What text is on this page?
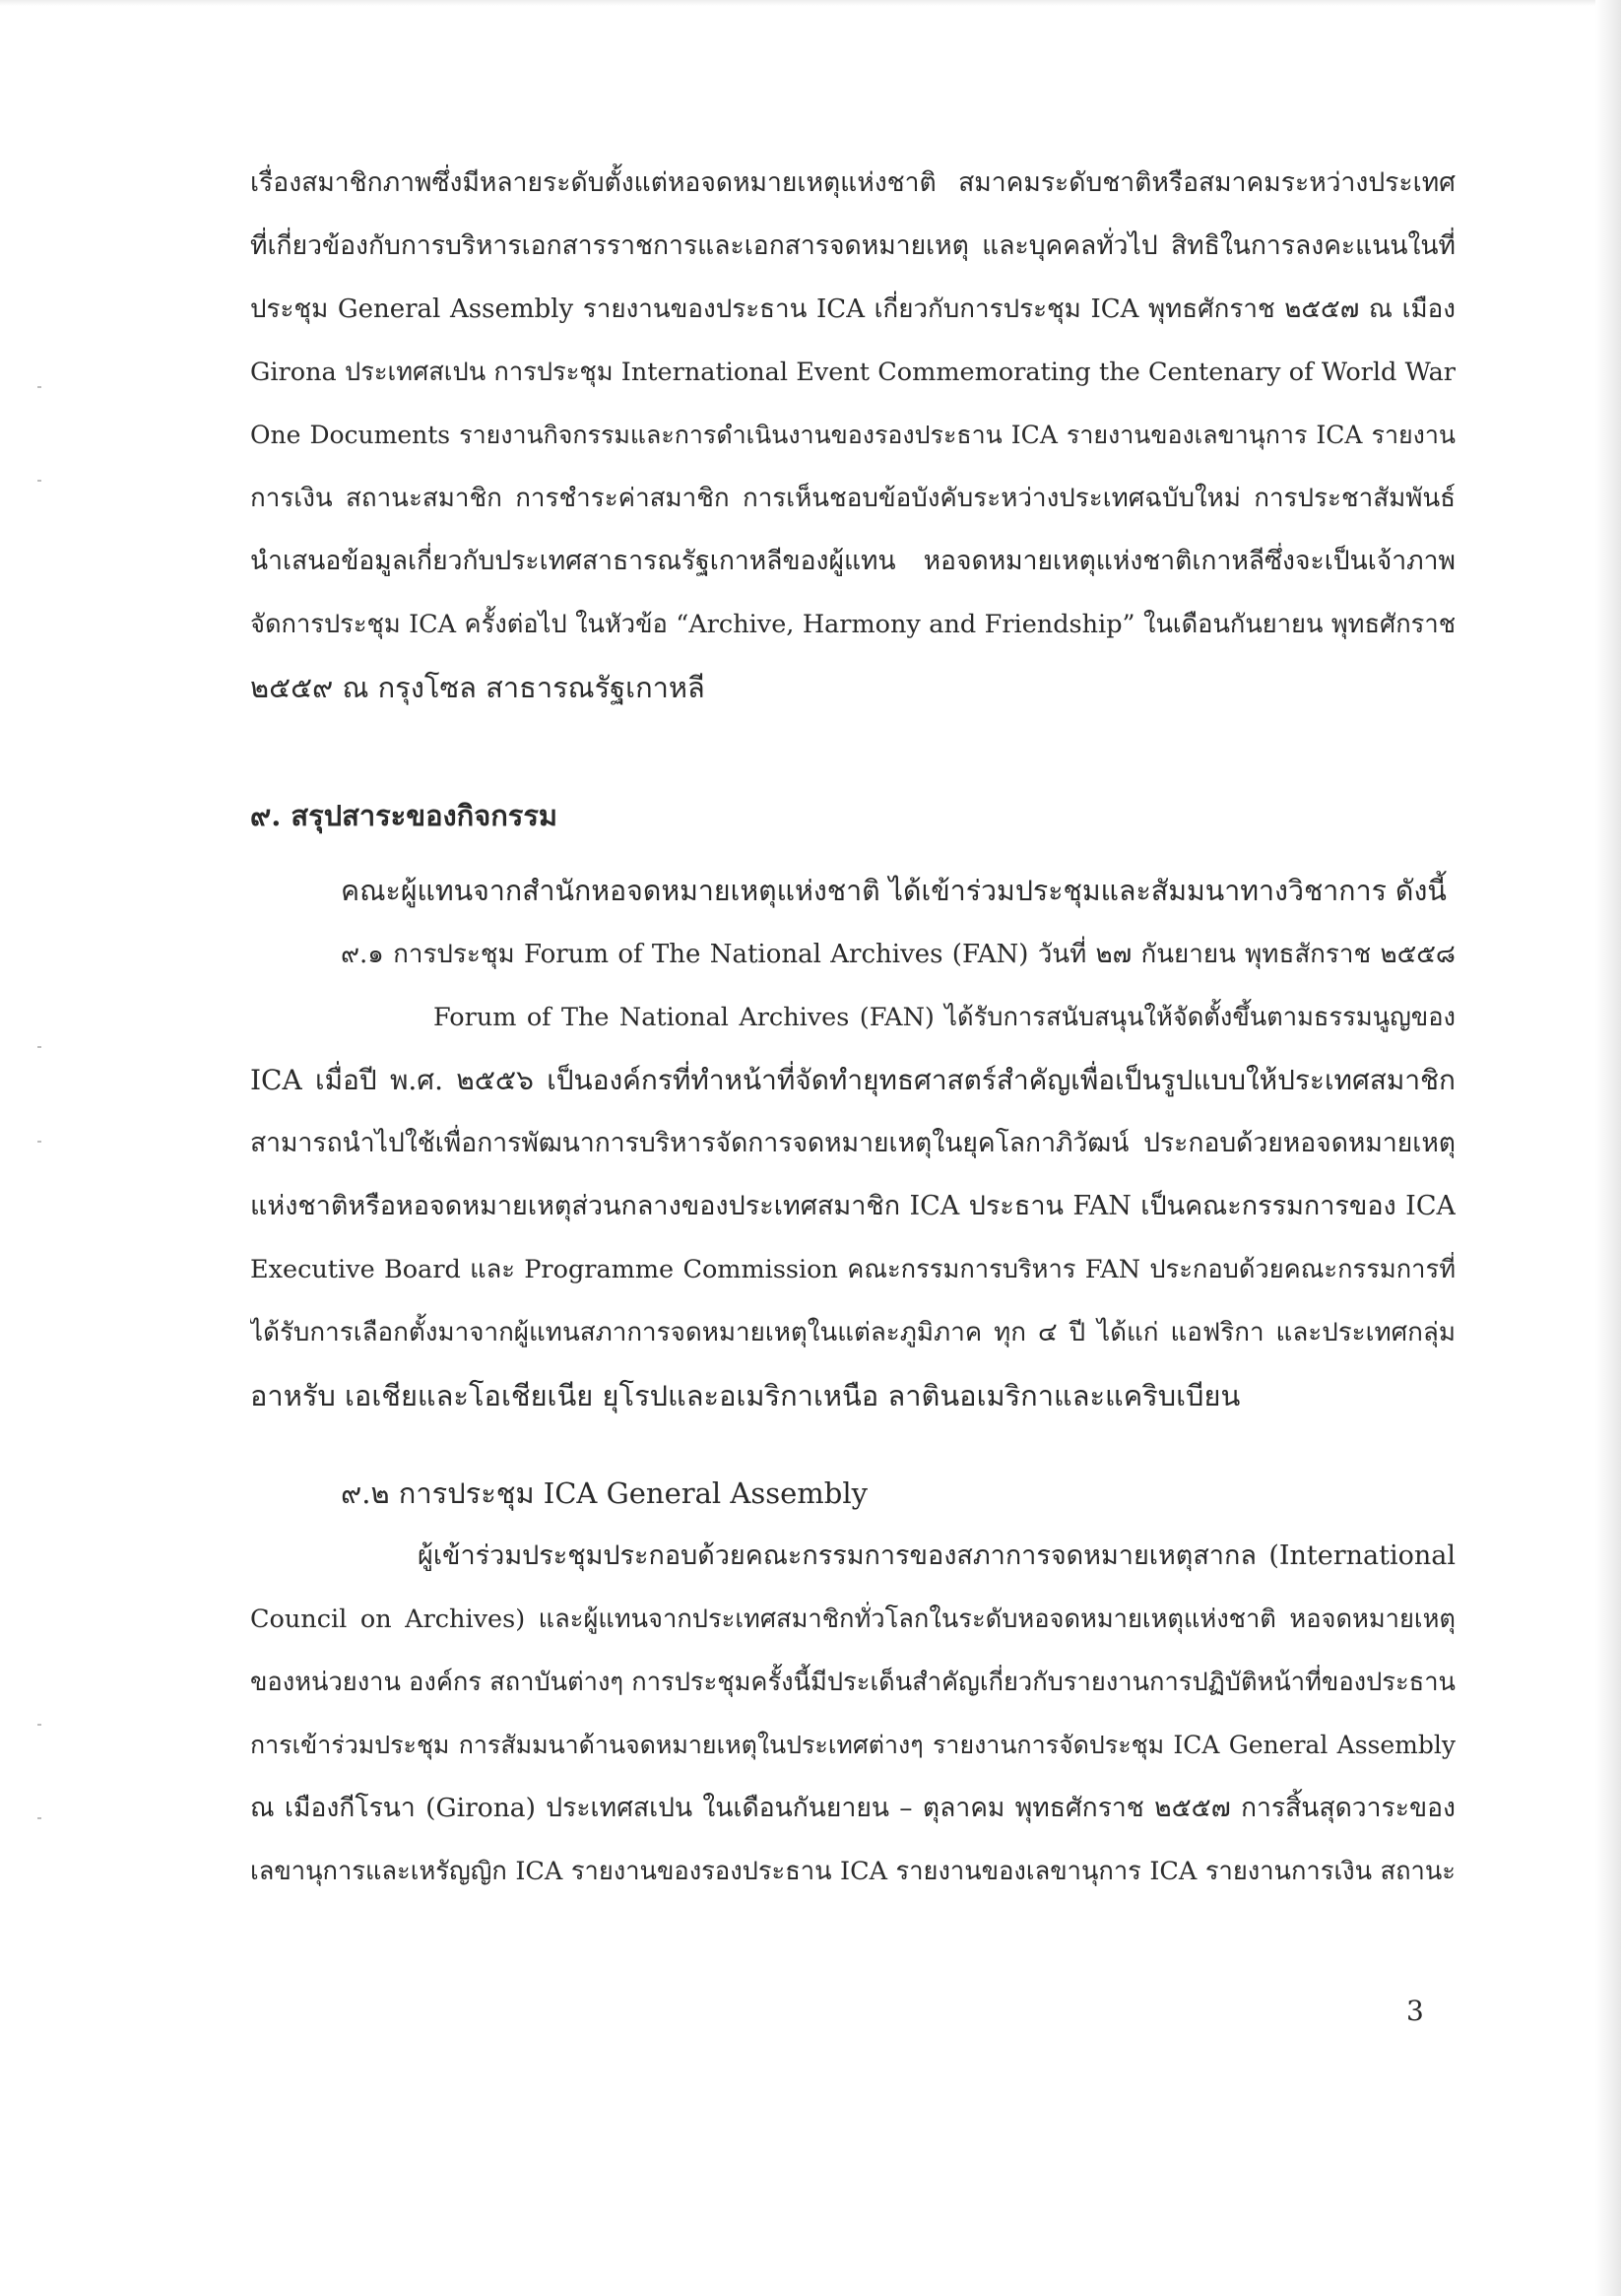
เรื่องสมาชิกภาพซึ่งมีหลายระดับตั้งแต่หอจดหมายเหตุแห่งชาติ สมาคมระดับชาติหรือสมาคมระหว่างประเทศ
ที่เกี่ยวข้องกับการบริหารเอกสารราชการและเอกสารจดหมายเหตุ และบุคคลทั่วไป สิทธิในการลงคะแนนในที่
ประชุม General Assembly รายงานของประธาน ICA เกี่ยวกับการประชุม ICA พุทธศักราช ๒๕๕๗ ณ เมือง
Girona ประเทศสเปน การประชุม International Event Commemorating the Centenary of World War
One Documents รายงานกิจกรรมและการดำเนินงานของรองประธาน ICA รายงานของเลขานุการ ICA รายงาน
การเงิน สถานะสมาชิก การชำระค่าสมาชิก การเห็นชอบข้อบังคับระหว่างประเทศฉบับใหม่ การประชาสัมพันธ์
นำเสนอข้อมูลเกี่ยวกับประเทศสาธารณรัฐเกาหลีของผู้แทน หอจดหมายเหตุแห่งชาติเกาหลีซึ่งจะเป็นเจ้าภาพ
จัดการประชุม ICA ครั้งต่อไป ในหัวข้อ “Archive, Harmony and Friendship” ในเดือนกันยายน พุทธศักราช
๒๕๕๙ ณ กรุงโซล สาธารณรัฐเกาหลี
๙. สรุปสาระของกิจกรรม
คณะผู้แทนจากสำนักหอจดหมายเหตุแห่งชาติ ได้เข้าร่วมประชุมและสัมมนาทางวิชาการ ดังนี้
๙.๑ การประชุม Forum of The National Archives (FAN) วันที่ ๒๗ กันยายน พุทธสักราช ๒๕๕๘
Forum of The National Archives (FAN) ได้รับการสนับสนุนให้จัดตั้งขึ้นตามธรรมนูญของ
ICA เมื่อปี พ.ศ. ๒๕๕๖ เป็นองค์กรที่ทำหน้าที่จัดทำยุทธศาสตร์สำคัญเพื่อเป็นรูปแบบให้ประเทศสมาชิก
สามารถนำไปใช้เพื่อการพัฒนาการบริหารจัดการจดหมายเหตุในยุคโลกาภิวัฒน์ ประกอบด้วยหอจดหมายเหตุ
แห่งชาติหรือหอจดหมายเหตุส่วนกลางของประเทศสมาชิก ICA ประธาน FAN เป็นคณะกรรมการของ ICA
Executive Board และ Programme Commission คณะกรรมการบริหาร FAN ประกอบด้วยคณะกรรมการที่
ได้รับการเลือกตั้งมาจากผู้แทนสภาการจดหมายเหตุในแต่ละภูมิภาค ทุก ๔ ปี ได้แก่ แอฟริกา และประเทศกลุ่ม
อาหรับ เอเชียและโอเชียเนีย ยุโรปและอเมริกาเหนือ ลาตินอเมริกาและแคริบเบียน
๙.๒ การประชุม ICA General Assembly
ผู้เข้าร่วมประชุมประกอบด้วยคณะกรรมการของสภาการจดหมายเหตุสากล (International
Council on Archives) และผู้แทนจากประเทศสมาชิกทั่วโลกในระดับหอจดหมายเหตุแห่งชาติ หอจดหมายเหตุ
ของหน่วยงาน องค์กร สถาบันต่างๆ การประชุมครั้งนี้มีประเด็นสำคัญเกี่ยวกับรายงานการปฏิบัติหน้าที่ของประธาน
การเข้าร่วมประชุม การสัมมนาด้านจดหมายเหตุในประเทศต่างๆ รายงานการจัดประชุม ICA General Assembly
ณ เมืองกีโรนา (Girona) ประเทศสเปน ในเดือนกันยายน – ตุลาคม พุทธศักราช ๒๕๕๗ การสิ้นสุดวาระของ
เลขานุการและเหรัญญิก ICA รายงานของรองประธาน ICA รายงานของเลขานุการ ICA รายงานการเงิน สถานะ
3
